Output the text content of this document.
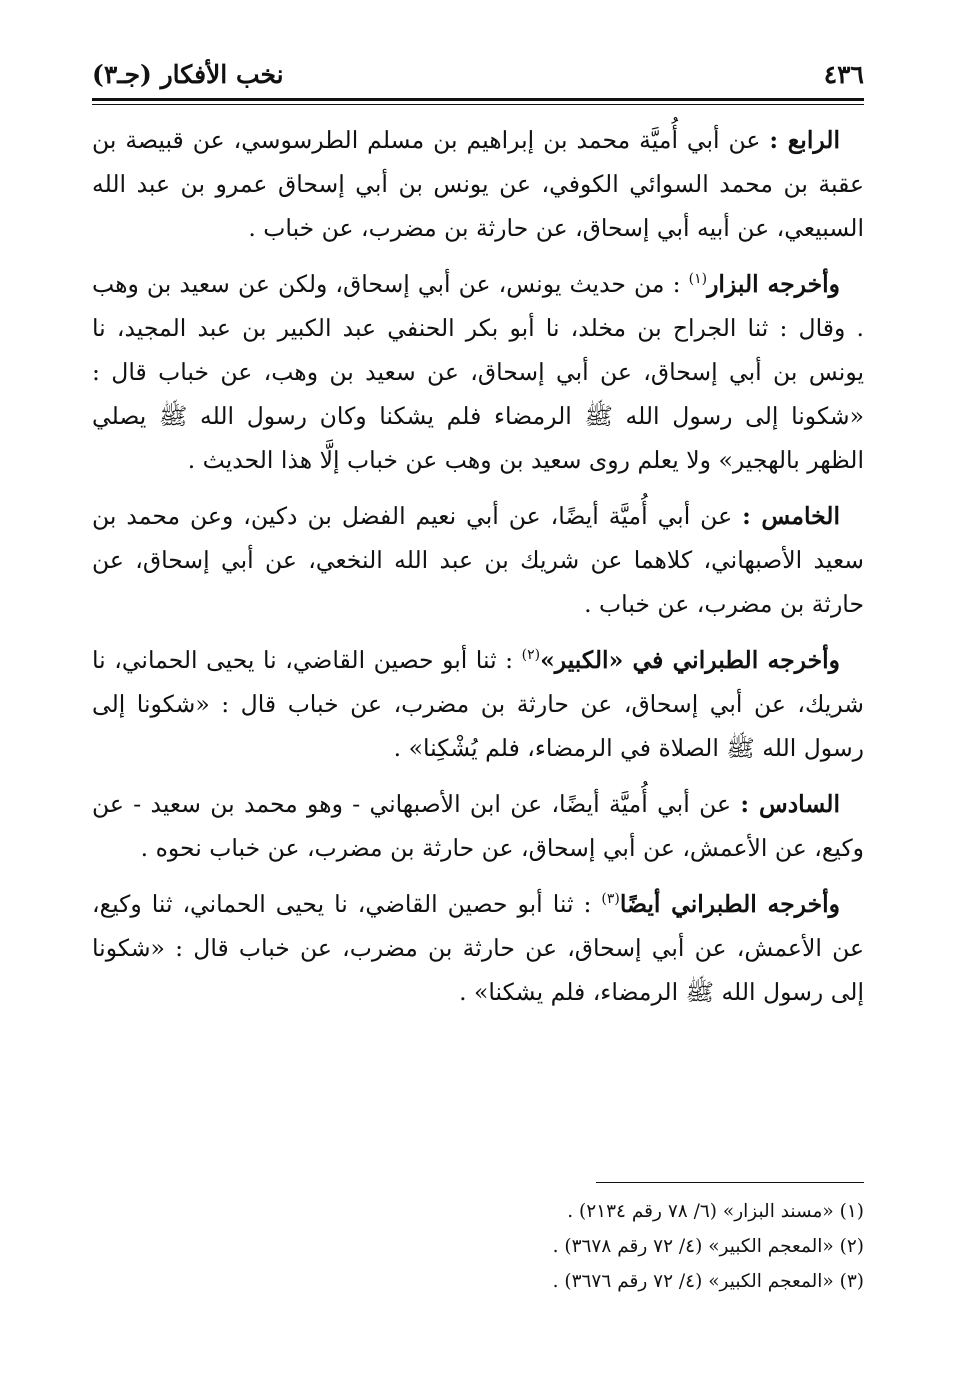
٤٣٦
نخب الأفكار (جـ٣)

الرابع : عن أبي أُميَّة محمد بن إبراهيم بن مسلم الطرسوسي، عن قبيصة بن عقبة بن محمد السوائي الكوفي، عن يونس بن أبي إسحاق عمرو بن عبد الله السبيعي، عن أبيه أبي إسحاق، عن حارثة بن مضرب، عن خباب .

وأخرجه البزار$^{(١)}$ : من حديث يونس، عن أبي إسحاق، ولكن عن سعيد بن وهب . وقال : ثنا الجراح بن مخلد، نا أبو بكر الحنفي عبد الكبير بن عبد المجيد، نا يونس بن أبي إسحاق، عن أبي إسحاق، عن سعيد بن وهب، عن خباب قال : «شكونا إلى رسول الله ﷺ الرمضاء فلم يشكنا وكان رسول الله ﷺ يصلي الظهر بالهجير» ولا يعلم روى سعيد بن وهب عن خباب إلَّا هذا الحديث .

الخامس : عن أبي أُميَّة أيضًا، عن أبي نعيم الفضل بن دكين، وعن محمد بن سعيد الأصبهاني، كلاهما عن شريك بن عبد الله النخعي، عن أبي إسحاق، عن حارثة بن مضرب، عن خباب .

وأخرجه الطبراني في «الكبير»$^{(٢)}$ : ثنا أبو حصين القاضي، نا يحيى الحماني، نا شريك، عن أبي إسحاق، عن حارثة بن مضرب، عن خباب قال : «شكونا إلى رسول الله ﷺ الصلاة في الرمضاء، فلم يُشْكِنا» .

السادس : عن أبي أُميَّة أيضًا، عن ابن الأصبهاني - وهو محمد بن سعيد - عن وكيع، عن الأعمش، عن أبي إسحاق، عن حارثة بن مضرب، عن خباب نحوه .

وأخرجه الطبراني أيضًا$^{(٣)}$ : ثنا أبو حصين القاضي، نا يحيى الحماني، ثنا وكيع، عن الأعمش، عن أبي إسحاق، عن حارثة بن مضرب، عن خباب قال : «شكونا إلى رسول الله ﷺ الرمضاء، فلم يشكنا» .

(١) «مسند البزار» (٦/ ٧٨ رقم ٢١٣٤) .

(٢) «المعجم الكبير» (٤/ ٧٢ رقم ٣٦٧٨) .

(٣) «المعجم الكبير» (٤/ ٧٢ رقم ٣٦٧٦) .
